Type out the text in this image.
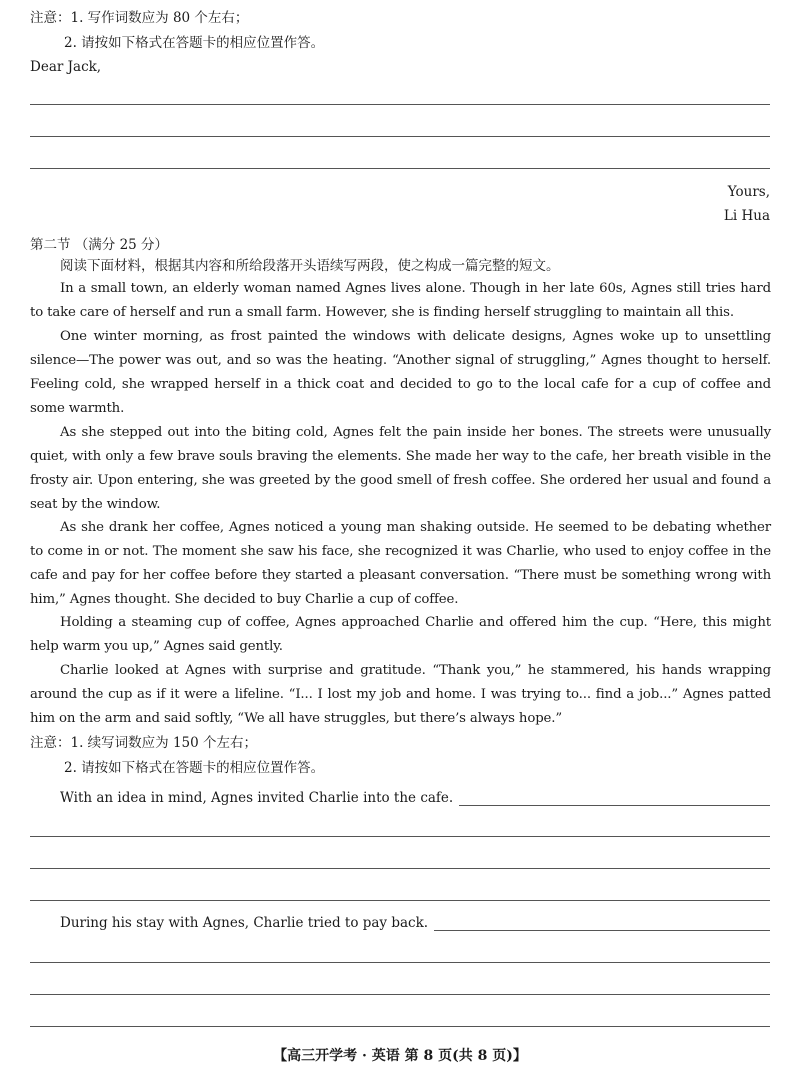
注意：1. 写作词数应为 80 个左右；
2. 请按如下格式在答题卡的相应位置作答。
Dear Jack,
Yours,
Li Hua
第二节 （满分 25 分）
阅读下面材料，根据其内容和所给段落开头语续写两段，使之构成一篇完整的短文。
In a small town, an elderly woman named Agnes lives alone. Though in her late 60s, Agnes still tries hard to take care of herself and run a small farm. However, she is finding herself struggling to maintain all this.
One winter morning, as frost painted the windows with delicate designs, Agnes woke up to unsettling silence—The power was out, and so was the heating. “Another signal of struggling,” Agnes thought to herself. Feeling cold, she wrapped herself in a thick coat and decided to go to the local cafe for a cup of coffee and some warmth.
As she stepped out into the biting cold, Agnes felt the pain inside her bones. The streets were unusually quiet, with only a few brave souls braving the elements. She made her way to the cafe, her breath visible in the frosty air. Upon entering, she was greeted by the good smell of fresh coffee. She ordered her usual and found a seat by the window.
As she drank her coffee, Agnes noticed a young man shaking outside. He seemed to be debating whether to come in or not. The moment she saw his face, she recognized it was Charlie, who used to enjoy coffee in the cafe and pay for her coffee before they started a pleasant conversation. “There must be something wrong with him,” Agnes thought. She decided to buy Charlie a cup of coffee.
Holding a steaming cup of coffee, Agnes approached Charlie and offered him the cup. “Here, this might help warm you up,” Agnes said gently.
Charlie looked at Agnes with surprise and gratitude. “Thank you,” he stammered, his hands wrapping around the cup as if it were a lifeline. “I... I lost my job and home. I was trying to... find a job...” Agnes patted him on the arm and said softly, “We all have struggles, but there’s always hope.”
注意：1. 续写词数应为 150 个左右；
2. 请按如下格式在答题卡的相应位置作答。
With an idea in mind, Agnes invited Charlie into the cafe.
During his stay with Agnes, Charlie tried to pay back.
【高三开学考 · 英语 第 8 页(共 8 页)】
